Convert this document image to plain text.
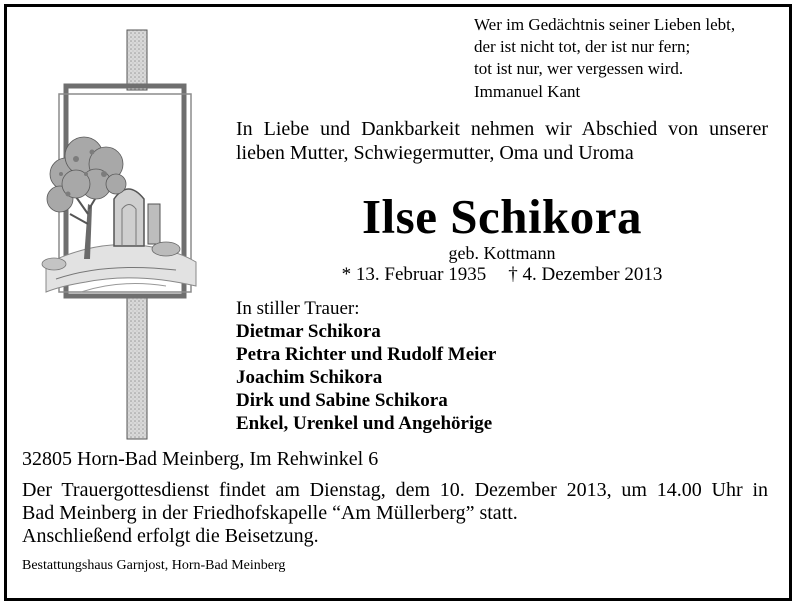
Wer im Gedächtnis seiner Lieben lebt,
der ist nicht tot, der ist nur fern;
tot ist nur, wer vergessen wird.
Immanuel Kant
In Liebe und Dankbarkeit nehmen wir Abschied von unserer lieben Mutter, Schwiegermutter, Oma und Uroma
Ilse Schikora
geb. Kottmann
* 13. Februar 1935 † 4. Dezember 2013
In stiller Trauer:
Dietmar Schikora
Petra Richter und Rudolf Meier
Joachim Schikora
Dirk und Sabine Schikora
Enkel, Urenkel und Angehörige
32805 Horn-Bad Meinberg, Im Rehwinkel 6
Der Trauergottesdienst findet am Dienstag, dem 10. Dezember 2013, um 14.00 Uhr in
Bad Meinberg in der Friedhofskapelle “Am Müllerberg” statt.
Anschließend erfolgt die Beisetzung.
Bestattungshaus Garnjost, Horn-Bad Meinberg
